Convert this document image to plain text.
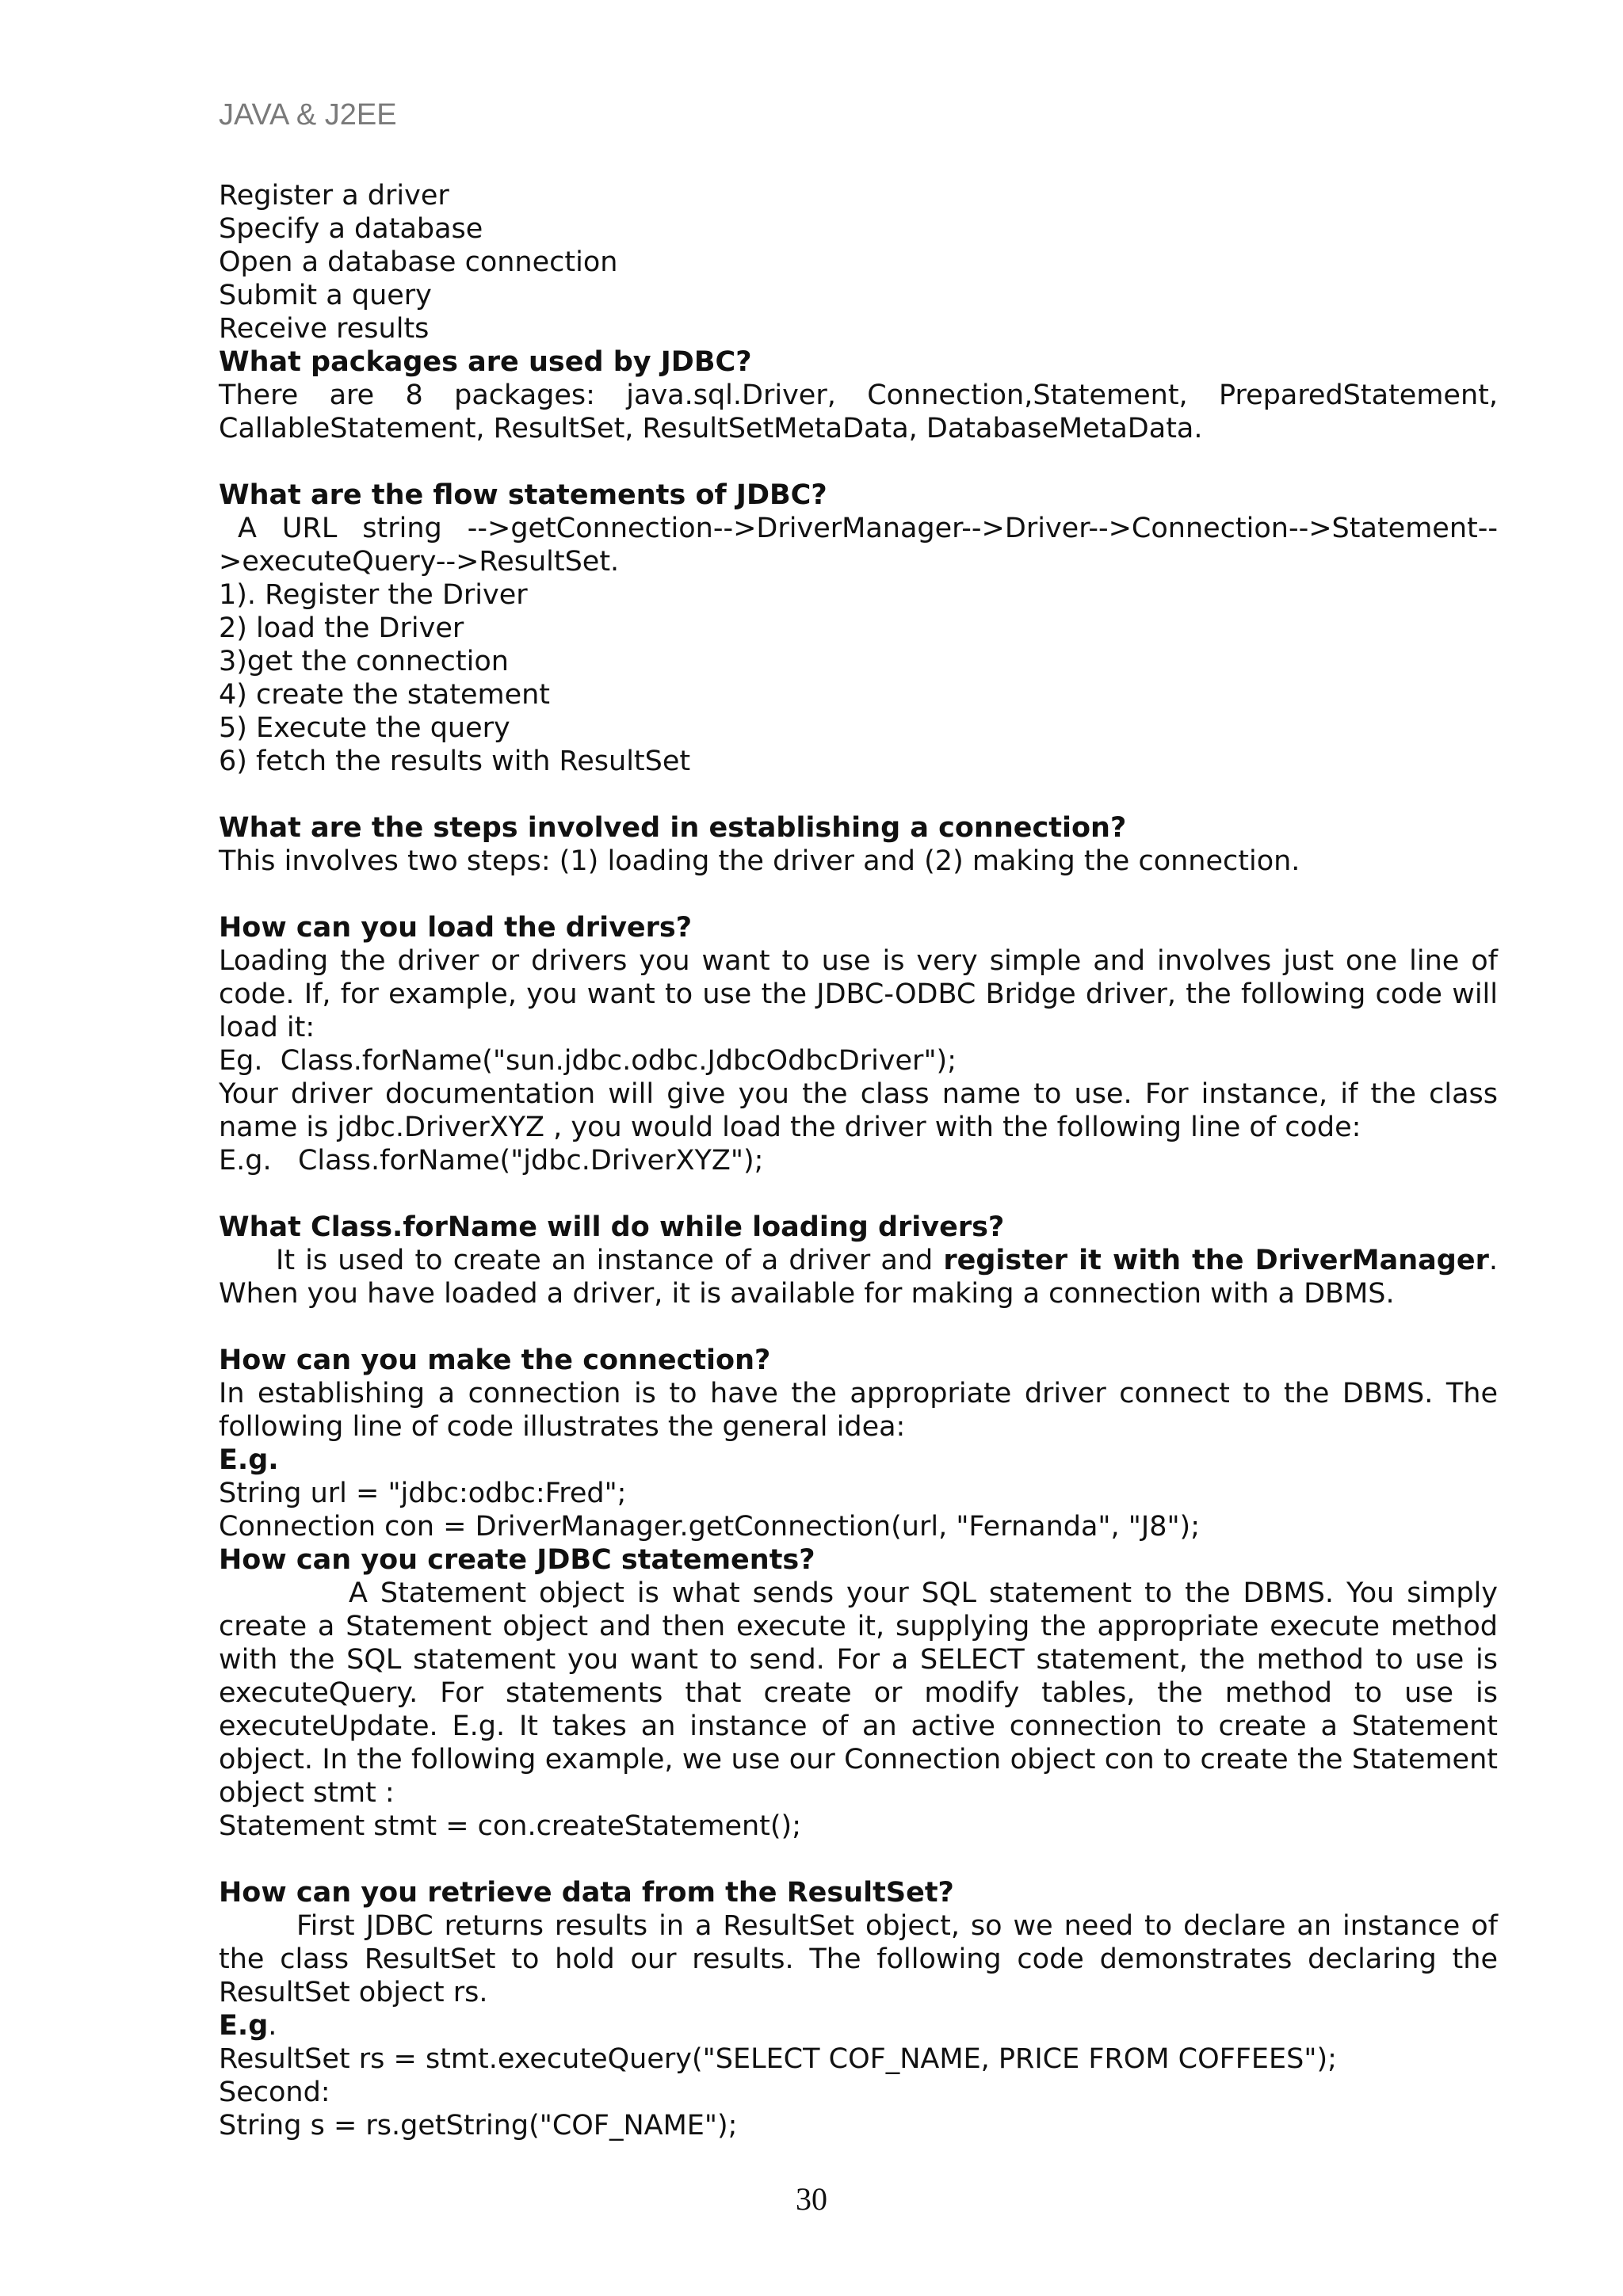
JAVA & J2EE

Register a driver

Specify a database

Open a database connection

Submit a query

Receive results

What packages are used by JDBC?

There are 8 packages: java.sql.Driver, Connection,Statement, PreparedStatement, CallableStatement, ResultSet, ResultSetMetaData, DatabaseMetaData.

What are the flow statements of JDBC?

A URL string -->getConnection-->DriverManager-->Driver-->Connection-->Statement--

>executeQuery-->ResultSet.

1). Register the Driver

2) load the Driver

3)get the connection

4) create the statement

5) Execute the query

6) fetch the results with ResultSet

What are the steps involved in establishing a connection?

This involves two steps: (1) loading the driver and (2) making the connection.

How can you load the drivers?

Loading the driver or drivers you want to use is very simple and involves just one line of code. If, for example, you want to use the JDBC-ODBC Bridge driver, the following code will load it:

Eg.  Class.forName("sun.jdbc.odbc.JdbcOdbcDriver");

Your driver documentation will give you the class name to use. For instance, if the class name is jdbc.DriverXYZ , you would load the driver with the following line of code:

E.g.   Class.forName("jdbc.DriverXYZ");

What Class.forName will do while loading drivers?

It is used to create an instance of a driver and register it with the DriverManager. When you have loaded a driver, it is available for making a connection with a DBMS.

How can you make the connection?

In establishing a connection is to have the appropriate driver connect to the DBMS. The following line of code illustrates the general idea:

E.g.

String url = "jdbc:odbc:Fred";

Connection con = DriverManager.getConnection(url, "Fernanda", "J8");

How can you create JDBC statements?

A Statement object is what sends your SQL statement to the DBMS. You simply create a Statement object and then execute it, supplying the appropriate execute method with the SQL statement you want to send. For a SELECT statement, the method to use is executeQuery. For statements that create or modify tables, the method to use is executeUpdate. E.g. It takes an instance of an active connection to create a Statement object. In the following example, we use our Connection object con to create the Statement object stmt :

Statement stmt = con.createStatement();

How can you retrieve data from the ResultSet?

First JDBC returns results in a ResultSet object, so we need to declare an instance of the class ResultSet to hold our results. The following code demonstrates declaring the ResultSet object rs.

E.g.

ResultSet rs = stmt.executeQuery("SELECT COF_NAME, PRICE FROM COFFEES");

Second:

String s = rs.getString("COF_NAME");

30
